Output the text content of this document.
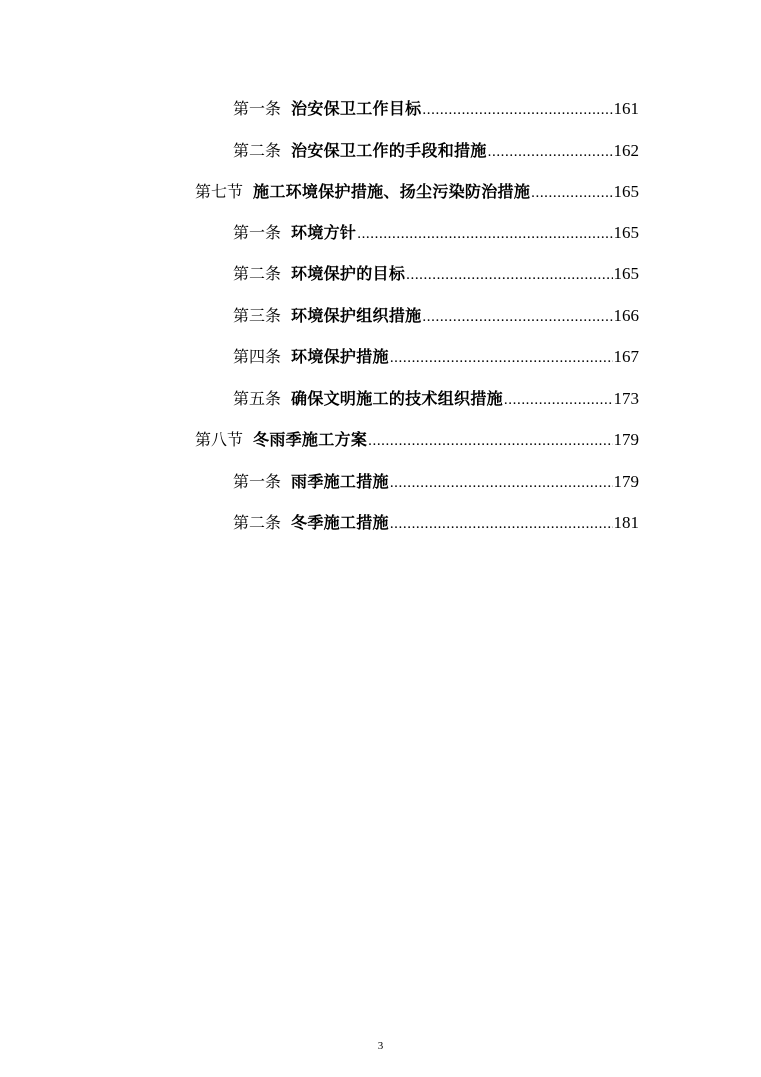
第一条 治安保卫工作目标 .....	161
第二条 治安保卫工作的手段和措施 .....	162
第七节 施工环境保护措施、扬尘污染防治措施 .....	165
第一条 环境方针 .....	165
第二条 环境保护的目标 .....	165
第三条 环境保护组织措施 .....	166
第四条 环境保护措施 .....	167
第五条 确保文明施工的技术组织措施 .....	173
第八节 冬雨季施工方案 .....	179
第一条 雨季施工措施 .....	179
第二条 冬季施工措施 .....	181
3
